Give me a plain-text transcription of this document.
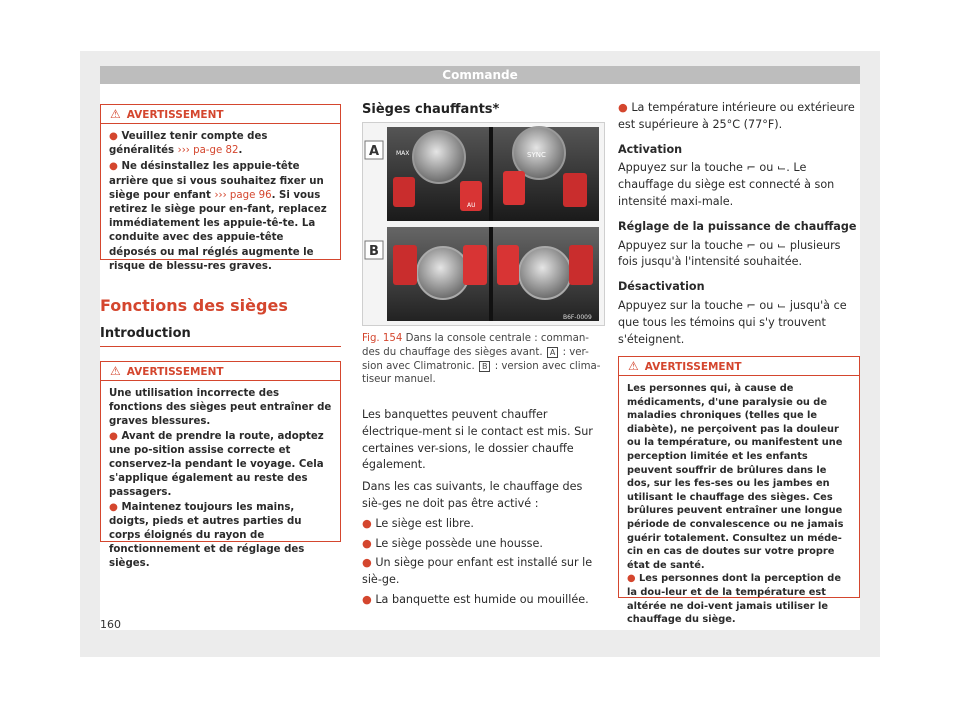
Commande
⚠ AVERTISSEMENT

● Veuillez tenir compte des généralités ››› pa-ge 82.

● Ne désinstallez les appuie-tête arrière que si vous souhaitez fixer un siège pour enfant ››› page 96. Si vous retirez le siège pour en-fant, replacez immédiatement les appuie-tê-te. La conduite avec des appuie-tête déposés ou mal réglés augmente le risque de blessu-res graves.

Fonctions des sièges
Introduction
⚠ AVERTISSEMENT

Une utilisation incorrecte des fonctions des sièges peut entraîner de graves blessures.

● Avant de prendre la route, adoptez une po-sition assise correcte et conservez-la pendant le voyage. Cela s'applique également au reste des passagers.

● Maintenez toujours les mains, doigts, pieds et autres parties du corps éloignés du rayon de fonctionnement et de réglage des sièges.

Sièges chauffants*
MAX	SYNC
AU
A
B
B6F-0009
Fig. 154 Dans la console centrale : comman-des du chauffage des sièges avant. A : ver-sion avec Climatronic. B : version avec clima-tiseur manuel.

Les banquettes peuvent chauffer électrique-ment si le contact est mis. Sur certaines ver-sions, le dossier chauffe également.

Dans les cas suivants, le chauffage des siè-ges ne doit pas être activé :

● Le siège est libre.

● Le siège possède une housse.

● Un siège pour enfant est installé sur le siè-ge.

● La banquette est humide ou mouillée.

● La température intérieure ou extérieure est supérieure à 25°C (77°F).

Activation

Appuyez sur la touche ⌐ ou ⌙. Le chauffage du siège est connecté à son intensité maxi-male.

Réglage de la puissance de chauffage

Appuyez sur la touche ⌐ ou ⌙ plusieurs fois jusqu'à l'intensité souhaitée.

Désactivation

Appuyez sur la touche ⌐ ou ⌙ jusqu'à ce que tous les témoins qui s'y trouvent s'éteignent.

⚠ AVERTISSEMENT

Les personnes qui, à cause de médicaments, d'une paralysie ou de maladies chroniques (telles que le diabète), ne perçoivent pas la douleur ou la température, ou manifestent une perception limitée et les enfants peuvent souffrir de brûlures dans le dos, sur les fes-ses ou les jambes en utilisant le chauffage des sièges. Ces brûlures peuvent entraîner une longue période de convalescence ou ne jamais guérir totalement. Consultez un méde-cin en cas de doutes sur votre propre état de santé.

● Les personnes dont la perception de la dou-leur et de la température est altérée ne doi-vent jamais utiliser le chauffage du siège.

160
